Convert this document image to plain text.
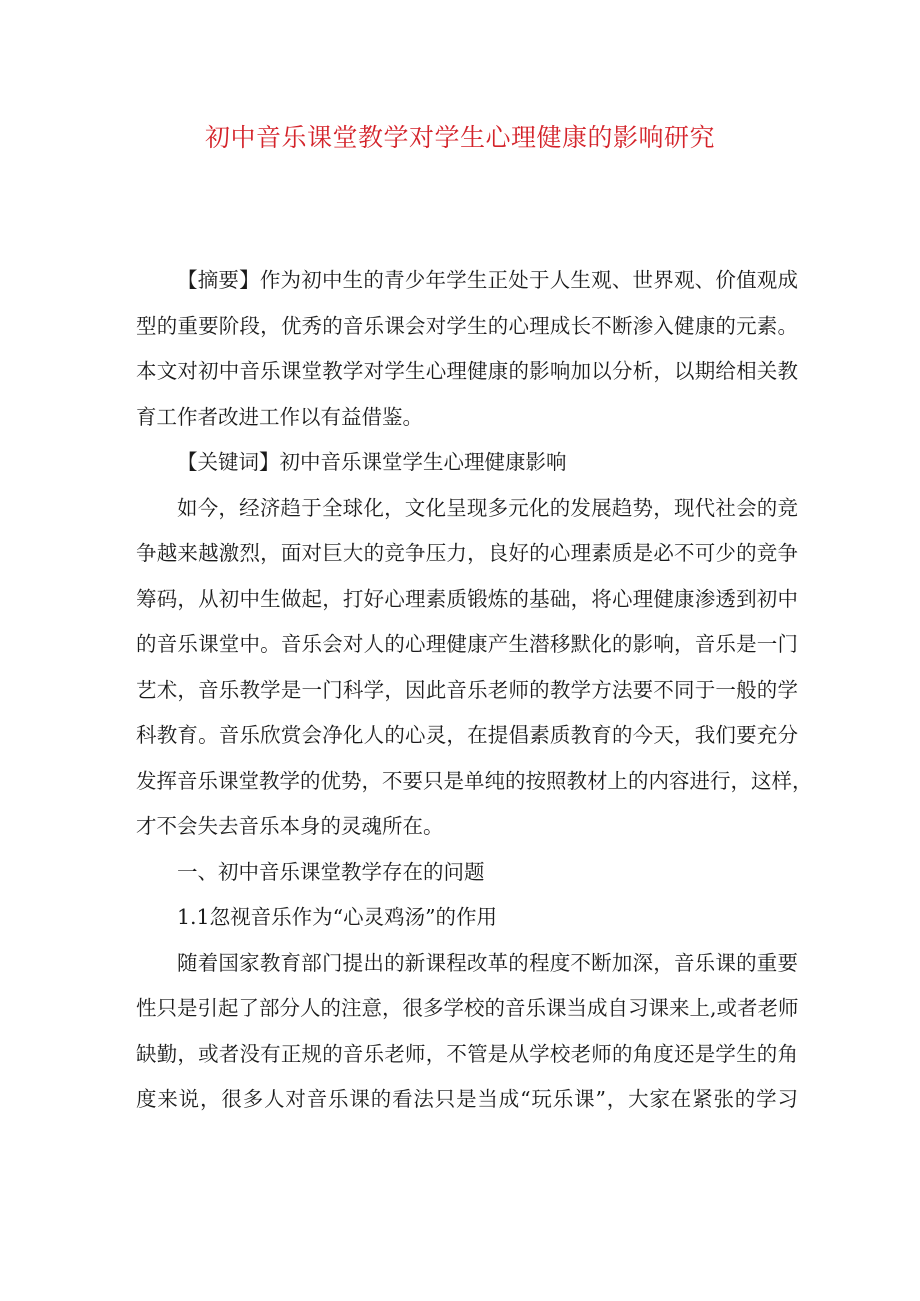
初中音乐课堂教学对学生心理健康的影响研究

【摘要】作为初中生的青少年学生正处于人生观、世界观、价值观成
型的重要阶段，优秀的音乐课会对学生的心理成长不断渗入健康的元素。
本文对初中音乐课堂教学对学生心理健康的影响加以分析，以期给相关教
育工作者改进工作以有益借鉴。

【关键词】初中音乐课堂学生心理健康影响

如今，经济趋于全球化，文化呈现多元化的发展趋势，现代社会的竞
争越来越激烈，面对巨大的竞争压力，良好的心理素质是必不可少的竞争
筹码，从初中生做起，打好心理素质锻炼的基础，将心理健康渗透到初中
的音乐课堂中。音乐会对人的心理健康产生潜移默化的影响，音乐是一门
艺术，音乐教学是一门科学，因此音乐老师的教学方法要不同于一般的学
科教育。音乐欣赏会净化人的心灵，在提倡素质教育的今天，我们要充分
发挥音乐课堂教学的优势，不要只是单纯的按照教材上的内容进行，这样，
才不会失去音乐本身的灵魂所在。

一、初中音乐课堂教学存在的问题

1.1忽视音乐作为“心灵鸡汤”的作用

随着国家教育部门提出的新课程改革的程度不断加深，音乐课的重要
性只是引起了部分人的注意，很多学校的音乐课当成自习课来上,或者老师
缺勤，或者没有正规的音乐老师，不管是从学校老师的角度还是学生的角
度来说，很多人对音乐课的看法只是当成“玩乐课”，大家在紧张的学习
